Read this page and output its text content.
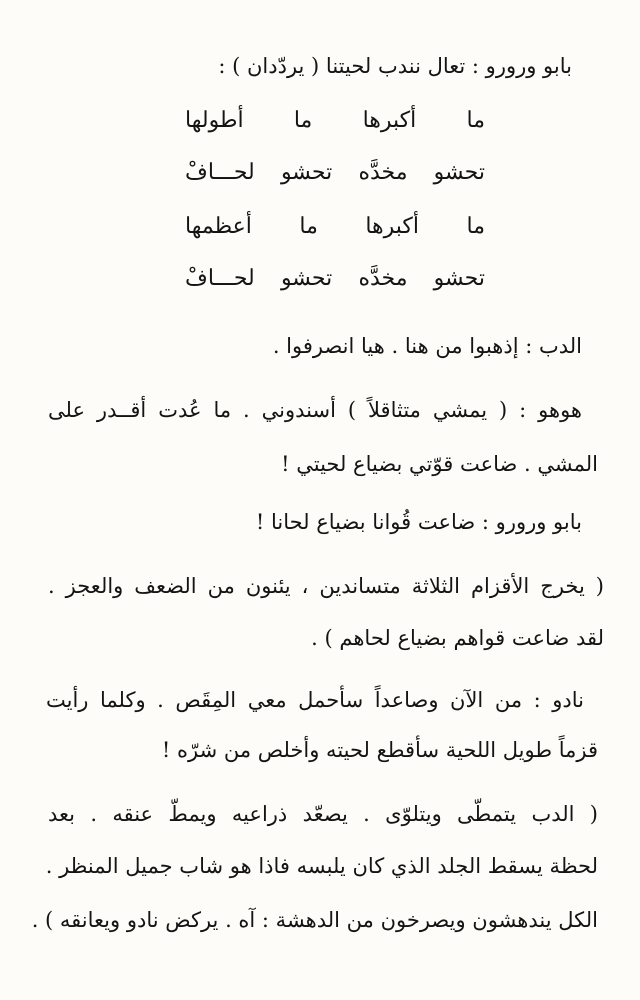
بابو ورورو : تعال نندب لحيتنا ( يردّدان ) :
ما
أكبرها
ما
أطولها
تحشو
مخدَّه
تحشو
لحـــافْ
ما
أكبرها
ما
أعظمها
تحشو
مخدَّه
تحشو
لحـــافْ
الدب : إذهبوا من هنا . هيا انصرفوا .
هوهو : ( يمشي متثاقلاً ) أسندوني . ما عُدت أقــدر على
المشي . ضاعت قوّتي بضياع لحيتي !
بابو ورورو : ضاعت قُوانا بضياع لحانا !
( يخرج الأقزام الثلاثة متساندين ، يئنون من الضعف والعجز .
لقد ضاعت قواهم بضياع لحاهم ) .
نادو : من الآن وصاعداً سأحمل معي المِقَص . وكلما رأيت
قزماً طويل اللحية سأقطع لحيته وأخلص من شرّه !
( الدب يتمطّى ويتلوّى . يصعّد ذراعيه ويمطّ عنقه . بعد
لحظة يسقط الجلد الذي كان يلبسه فاذا هو شاب جميل المنظر .
الكل يندهشون ويصرخون من الدهشة : آه . يركض نادو ويعانقه ) .
